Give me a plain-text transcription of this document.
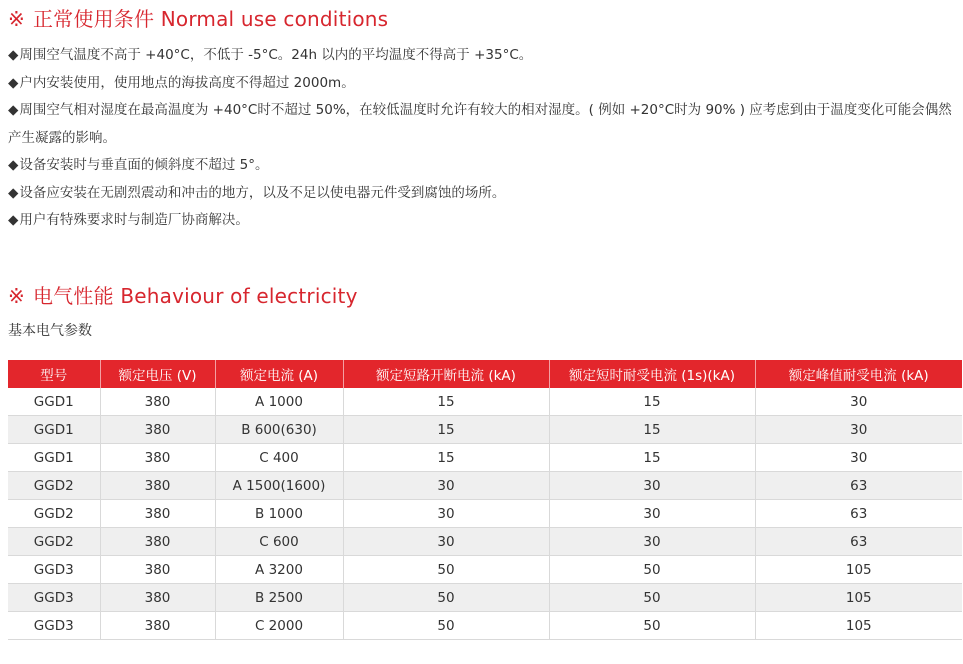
※ 正常使用条件 Normal use conditions
◆周围空气温度不高于 +40°C，不低于 -5°C。24h 以内的平均温度不得高于 +35°C。
◆户内安装使用，使用地点的海拔高度不得超过 2000m。
◆周围空气相对湿度在最高温度为 +40°C时不超过 50%，在较低温度时允许有较大的相对湿度。( 例如 +20°C时为 90% ) 应考虑到由于温度变化可能会偶然产生凝露的影响。
◆设备安装时与垂直面的倾斜度不超过 5°。
◆设备应安装在无剧烈震动和冲击的地方，以及不足以使电器元件受到腐蚀的场所。
◆用户有特殊要求时与制造厂协商解决。
※ 电气性能 Behaviour of electricity
基本电气参数
型号	额定电压 (V)	额定电流 (A)	额定短路开断电流 (kA)	额定短时耐受电流 (1s)(kA)	额定峰值耐受电流 (kA)
GGD1	380	A 1000	15	15	30
GGD1	380	B 600(630)	15	15	30
GGD1	380	C 400	15	15	30
GGD2	380	A 1500(1600)	30	30	63
GGD2	380	B 1000	30	30	63
GGD2	380	C 600	30	30	63
GGD3	380	A 3200	50	50	105
GGD3	380	B 2500	50	50	105
GGD3	380	C 2000	50	50	105
